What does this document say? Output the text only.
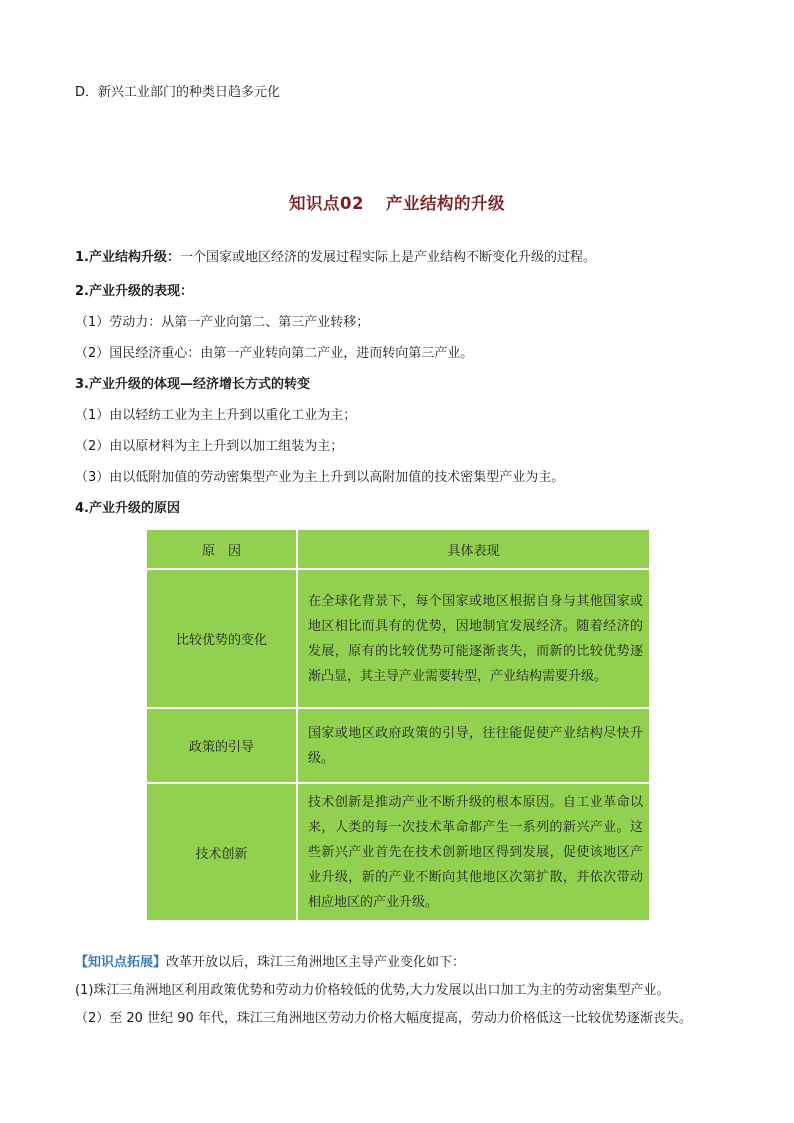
D．新兴工业部门的种类日趋多元化
知识点02 产业结构的升级
1.产业结构升级：一个国家或地区经济的发展过程实际上是产业结构不断变化升级的过程。
2.产业升级的表现：
（1）劳动力：从第一产业向第二、第三产业转移；
（2）国民经济重心：由第一产业转向第二产业，进而转向第三产业。
3.产业升级的体现—经济增长方式的转变
（1）由以轻纺工业为主上升到以重化工业为主；
（2）由以原材料为主上升到以加工组装为主；
（3）由以低附加值的劳动密集型产业为主上升到以高附加值的技术密集型产业为主。
4.产业升级的原因
原　因	具体表现
比较优势的变化	在全球化背景下，每个国家或地区根据自身与其他国家或地区相比而具有的优势，因地制宜发展经济。随着经济的发展，原有的比较优势可能逐渐丧失，而新的比较优势逐渐凸显，其主导产业需要转型，产业结构需要升级。
政策的引导	国家或地区政府政策的引导，往往能促使产业结构尽快升级。
技术创新	技术创新是推动产业不断升级的根本原因。自工业革命以来，人类的每一次技术革命都产生一系列的新兴产业。这些新兴产业首先在技术创新地区得到发展，促使该地区产业升级，新的产业不断向其他地区次第扩散，并依次带动相应地区的产业升级。
【知识点拓展】改革开放以后，珠江三角洲地区主导产业变化如下：
(1)珠江三角洲地区利用政策优势和劳动力价格较低的优势,大力发展以出口加工为主的劳动密集型产业。
（2）至 20 世纪 90 年代，珠江三角洲地区劳动力价格大幅度提高，劳动力价格低这一比较优势逐渐丧失。
